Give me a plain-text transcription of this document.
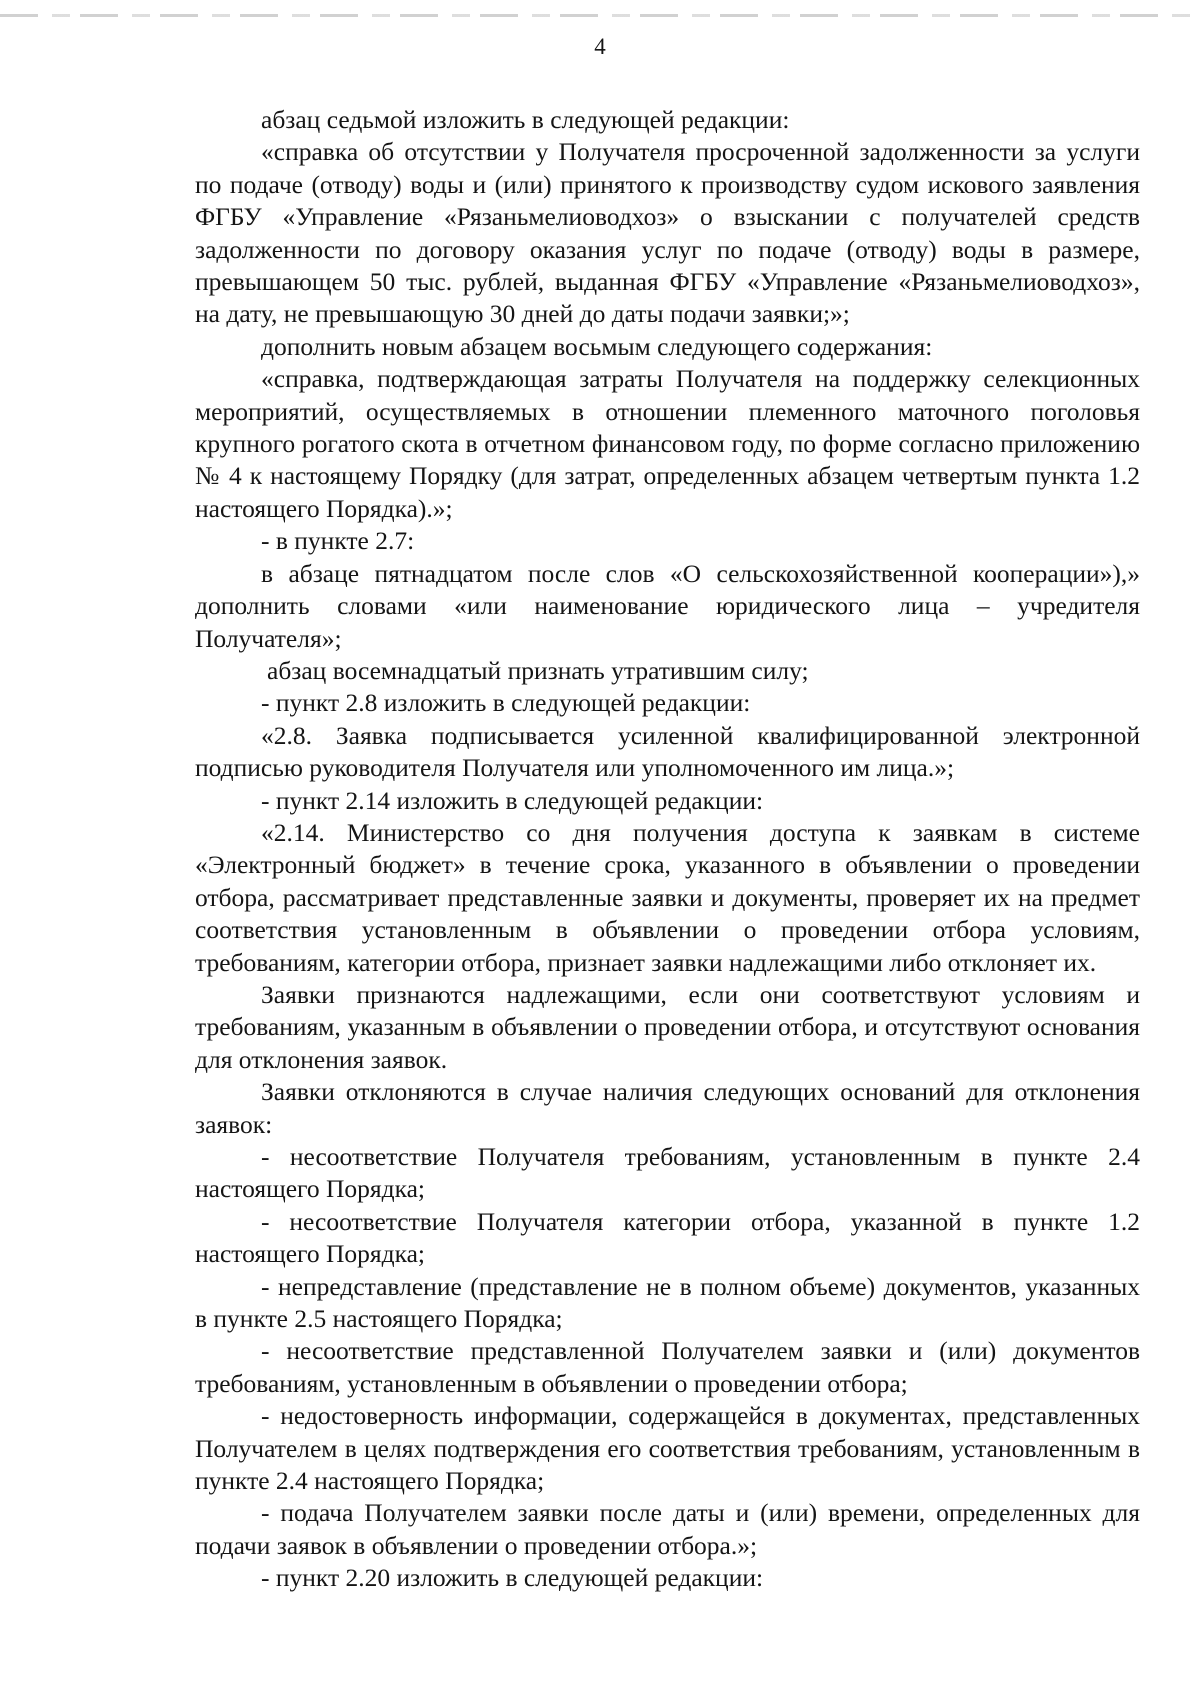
4

абзац седьмой изложить в следующей редакции:

«справка об отсутствии у Получателя просроченной задолженности за услуги по подаче (отводу) воды и (или) принятого к производству судом искового заявления ФГБУ «Управление «Рязаньмелиоводхоз» о взыскании с получателей средств задолженности по договору оказания услуг по подаче (отводу) воды в размере, превышающем 50 тыс. рублей, выданная ФГБУ «Управление «Рязаньмелиоводхоз», на дату, не превышающую 30 дней до даты подачи заявки;»;

дополнить новым абзацем восьмым следующего содержания:

«справка, подтверждающая затраты Получателя на поддержку селекционных мероприятий, осуществляемых в отношении племенного маточного поголовья крупного рогатого скота в отчетном финансовом году, по форме согласно приложению № 4 к настоящему Порядку (для затрат, определенных абзацем четвертым пункта 1.2 настоящего Порядка).»;

- в пункте 2.7:

в абзаце пятнадцатом после слов «О сельскохозяйственной кооперации»),» дополнить словами «или наименование юридического лица – учредителя Получателя»;

абзац восемнадцатый признать утратившим силу;

- пункт 2.8 изложить в следующей редакции:

«2.8. Заявка подписывается усиленной квалифицированной электронной подписью руководителя Получателя или уполномоченного им лица.»;

- пункт 2.14 изложить в следующей редакции:

«2.14. Министерство со дня получения доступа к заявкам в системе «Электронный бюджет» в течение срока, указанного в объявлении о проведении отбора, рассматривает представленные заявки и документы, проверяет их на предмет соответствия установленным в объявлении о проведении отбора условиям, требованиям, категории отбора, признает заявки надлежащими либо отклоняет их.

Заявки признаются надлежащими, если они соответствуют условиям и требованиям, указанным в объявлении о проведении отбора, и отсутствуют основания для отклонения заявок.

Заявки отклоняются в случае наличия следующих оснований для отклонения заявок:

- несоответствие Получателя требованиям, установленным в пункте 2.4 настоящего Порядка;

- несоответствие Получателя категории отбора, указанной в пункте 1.2 настоящего Порядка;

- непредставление (представление не в полном объеме) документов, указанных в пункте 2.5 настоящего Порядка;

- несоответствие представленной Получателем заявки и (или) документов требованиям, установленным в объявлении о проведении отбора;

- недостоверность информации, содержащейся в документах, представленных Получателем в целях подтверждения его соответствия требованиям, установленным в пункте 2.4 настоящего Порядка;

- подача Получателем заявки после даты и (или) времени, определенных для подачи заявок в объявлении о проведении отбора.»;

- пункт 2.20 изложить в следующей редакции:
